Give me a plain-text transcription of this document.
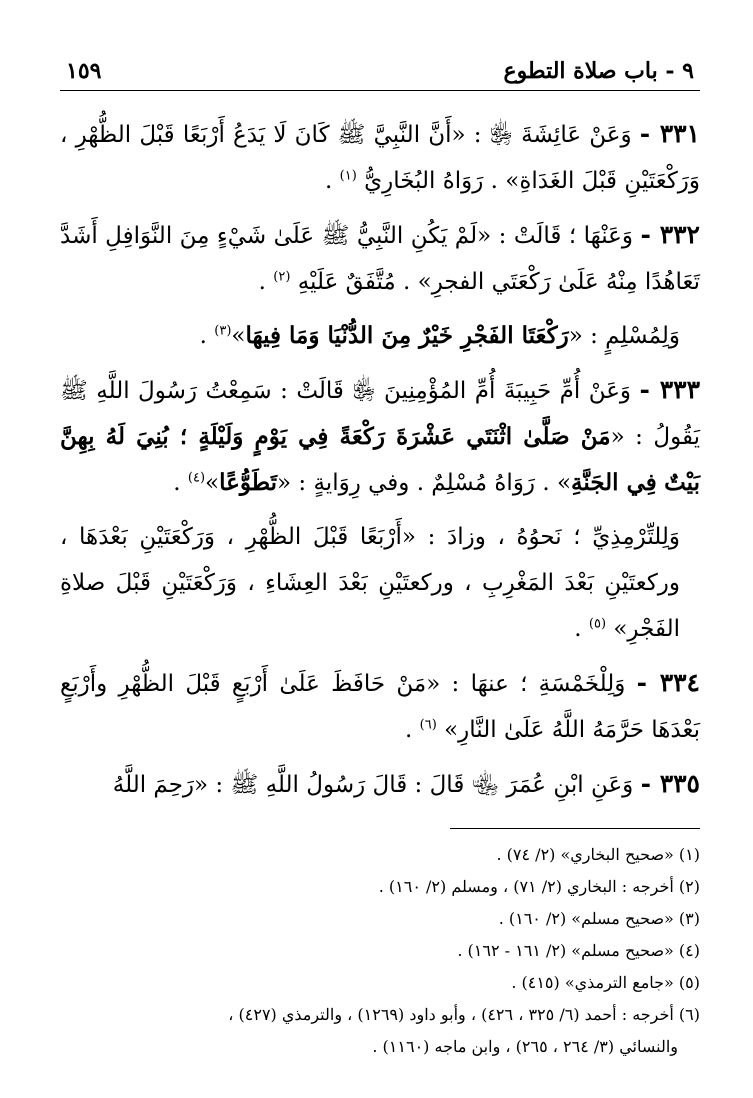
٩ - باب صلاة التطوع
١٥٩

٣٣١ - وَعَنْ عَائِشَةَ ﵂ : «أَنَّ النَّبِيَّ ﷺ كَانَ لَا يَدَعُ أَرْبَعًا قَبْلَ الظُّهْرِ ، وَرَكْعَتَيْنِ قَبْلَ الغَدَاةِ» . رَوَاهُ البُخَارِيُّ $^{(١)}$ .

٣٣٢ - وَعَنْهَا ؛ قَالَتْ : «لَمْ يَكُنِ النَّبِيُّ ﷺ عَلَىٰ شَيْءٍ مِنَ النَّوَافِلِ أَشَدَّ تَعَاهُدًا مِنْهُ عَلَىٰ رَكْعَتَي الفجرِ» . مُتَّفَقٌ عَلَيْهِ $^{(٢)}$ .

وَلِمُسْلِمٍ : «رَكْعَتَا الفَجْرِ خَيْرٌ مِنَ الدُّنْيَا وَمَا فِيهَا»$^{(٣)}$ .

٣٣٣ - وَعَنْ أُمِّ حَبِيبَةَ أُمِّ المُؤْمِنِينَ ﵂ قَالَتْ : سَمِعْتُ رَسُولَ اللَّهِ ﷺ يَقُولُ : «مَنْ صَلَّىٰ اثْنَتَي عَشْرَةَ رَكْعَةً فِي يَوْمٍ وَلَيْلَةٍ ؛ بُنِيَ لَهُ بِهِنَّ بَيْتٌ فِي الجَنَّةِ» . رَوَاهُ مُسْلِمٌ . وفي رِوَايةٍ : «تَطَوُّعًا»$^{(٤)}$ .

وَلِلتِّرْمِذِيِّ ؛ نَحوُهُ ، وزادَ : «أَرْبَعًا قَبْلَ الظُّهْرِ ، وَرَكْعَتَيْنِ بَعْدَهَا ، وركعتَيْنِ بَعْدَ المَغْرِبِ ، وركعتَيْنِ بَعْدَ العِشَاءِ ، وَرَكْعَتَيْنِ قَبْلَ صلاةِ الفَجْرِ» $^{(٥)}$ .

٣٣٤ - وَلِلْخَمْسَةِ ؛ عنهَا : «مَنْ حَافَظَ عَلَىٰ أَرْبَعٍ قَبْلَ الظُّهْرِ وأَرْبَعٍ بَعْدَهَا حَرَّمَهُ اللَّهُ عَلَىٰ النَّارِ» $^{(٦)}$ .

٣٣٥ - وَعَنِ ابْنِ عُمَرَ ﵄ قَالَ : قَالَ رَسُولُ اللَّهِ ﷺ : «رَحِمَ اللَّهُ

(١) «صحيح البخاري» (٢/ ٧٤) .

(٢) أخرجه : البخاري (٢/ ٧١) ، ومسلم (٢/ ١٦٠) .

(٣) «صحيح مسلم» (٢/ ١٦٠) .

(٤) «صحيح مسلم» (٢/ ١٦١ - ١٦٢) .

(٥) «جامع الترمذي» (٤١٥) .

(٦) أخرجه : أحمد (٦/ ٣٢٥ ، ٤٢٦) ، وأبو داود (١٢٦٩) ، والترمذي (٤٢٧) ،

والنسائي (٣/ ٢٦٤ ، ٢٦٥) ، وابن ماجه (١١٦٠) .
